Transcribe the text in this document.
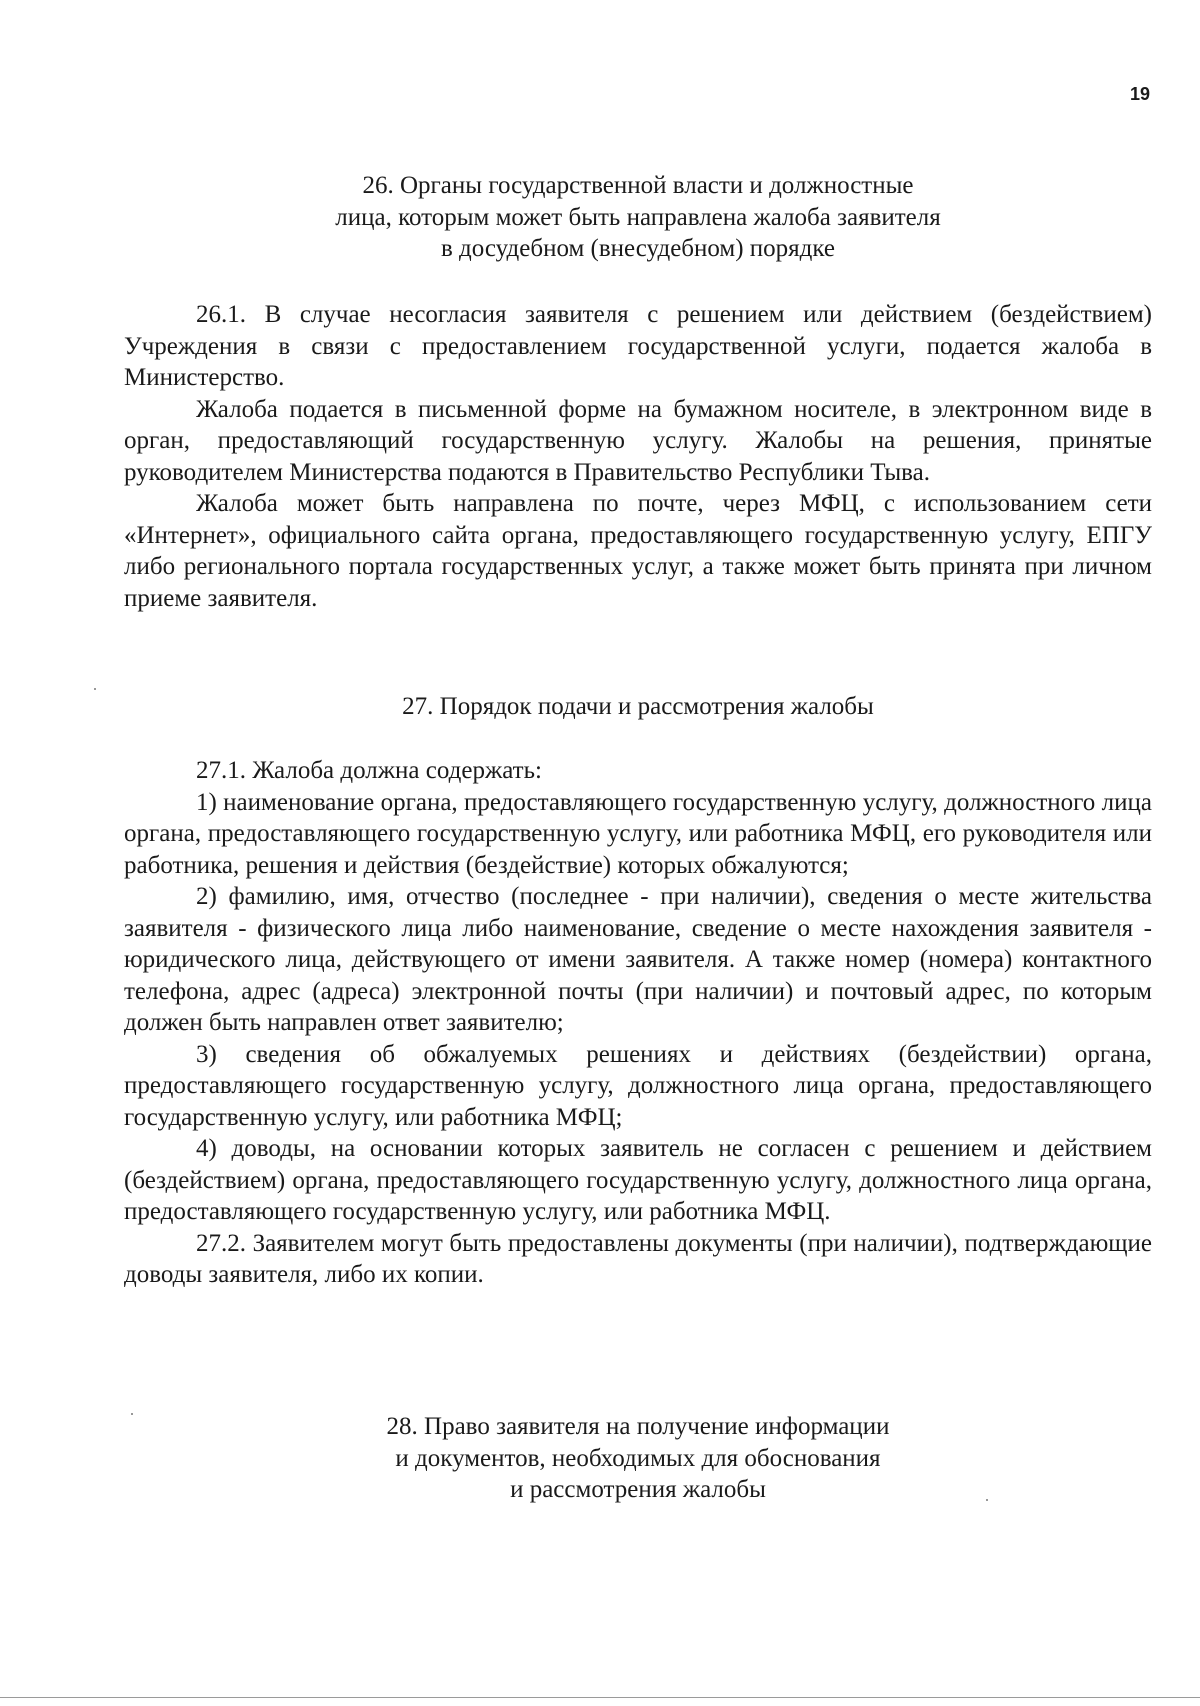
19

26. Органы государственной власти и должностные
лица, которым может быть направлена жалоба заявителя
в досудебном (внесудебном) порядке

26.1. В случае несогласия заявителя с решением или действием (бездействием) Учреждения в связи с предоставлением государственной услуги, подается жалоба в Министерство.

Жалоба подается в письменной форме на бумажном носителе, в электронном виде в орган, предоставляющий государственную услугу. Жалобы на решения, принятые руководителем Министерства подаются в Правительство Республики Тыва.

Жалоба может быть направлена по почте, через МФЦ, с использованием сети «Интернет», официального сайта органа, предоставляющего государственную услугу, ЕПГУ либо регионального портала государственных услуг, а также может быть принята при личном приеме заявителя.

27. Порядок подачи и рассмотрения жалобы

27.1. Жалоба должна содержать:

1) наименование органа, предоставляющего государственную услугу, должностного лица органа, предоставляющего государственную услугу, или работника МФЦ, его руководителя или работника, решения и действия (бездействие) которых обжалуются;

2) фамилию, имя, отчество (последнее - при наличии), сведения о месте жительства заявителя - физического лица либо наименование, сведение о месте нахождения заявителя - юридического лица, действующего от имени заявителя. А также номер (номера) контактного телефона, адрес (адреса) электронной почты (при наличии) и почтовый адрес, по которым должен быть направлен ответ заявителю;

3) сведения об обжалуемых решениях и действиях (бездействии) органа, предоставляющего государственную услугу, должностного лица органа, предоставляющего государственную услугу, или работника МФЦ;

4) доводы, на основании которых заявитель не согласен с решением и действием (бездействием) органа, предоставляющего государственную услугу, должностного лица органа, предоставляющего государственную услугу, или работника МФЦ.

27.2. Заявителем могут быть предоставлены документы (при наличии), подтверждающие доводы заявителя, либо их копии.

28. Право заявителя на получение информации
и документов, необходимых для обоснования
и рассмотрения жалобы
